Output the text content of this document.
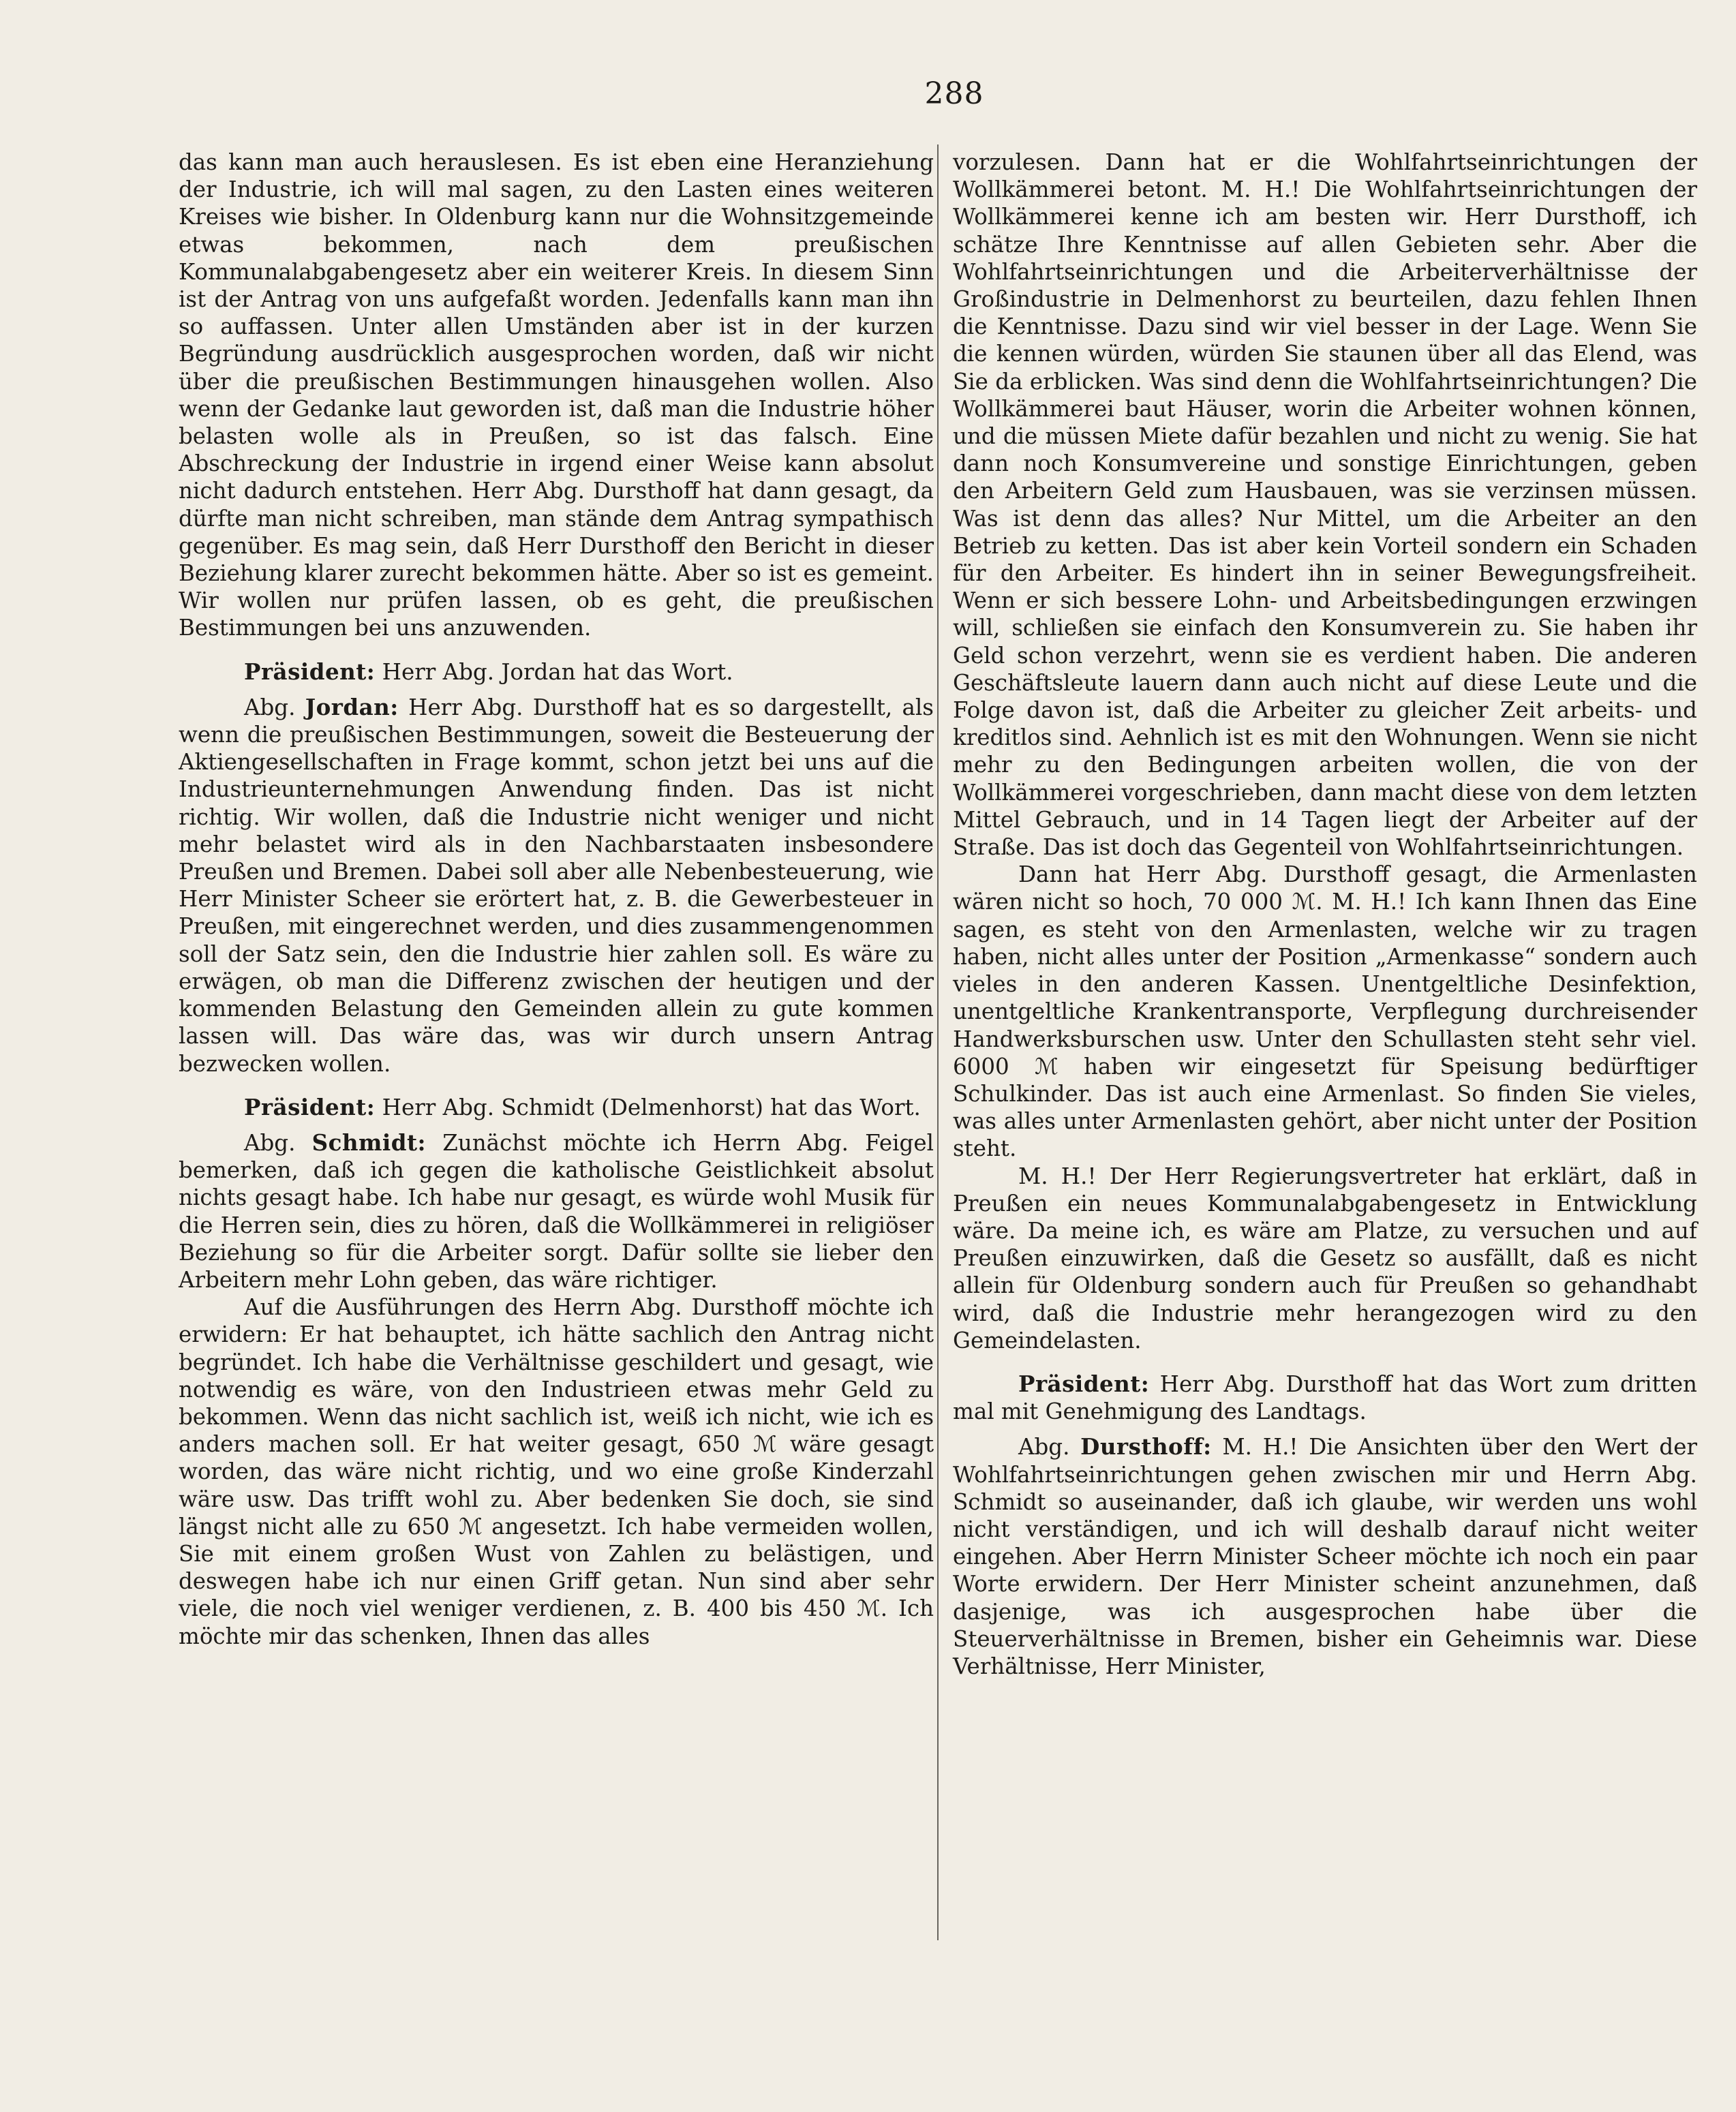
288

das kann man auch herauslesen. Es ist eben eine Heranziehung der Industrie, ich will mal sagen, zu den Lasten eines weiteren Kreises wie bisher. In Oldenburg kann nur die Wohnsitzgemeinde etwas bekommen, nach dem preußischen Kommunalabgabengesetz aber ein weiterer Kreis. In diesem Sinn ist der Antrag von uns aufgefaßt worden. Jedenfalls kann man ihn so auffassen. Unter allen Umständen aber ist in der kurzen Begründung ausdrücklich ausgesprochen worden, daß wir nicht über die preußischen Bestimmungen hinausgehen wollen. Also wenn der Gedanke laut geworden ist, daß man die Industrie höher belasten wolle als in Preußen, so ist das falsch. Eine Abschreckung der Industrie in irgend einer Weise kann absolut nicht dadurch entstehen. Herr Abg. Dursthoff hat dann gesagt, da dürfte man nicht schreiben, man stände dem Antrag sympathisch gegenüber. Es mag sein, daß Herr Dursthoff den Bericht in dieser Beziehung klarer zurecht bekommen hätte. Aber so ist es gemeint. Wir wollen nur prüfen lassen, ob es geht, die preußischen Bestimmungen bei uns anzuwenden.

Präsident: Herr Abg. Jordan hat das Wort.

Abg. Jordan: Herr Abg. Dursthoff hat es so dargestellt, als wenn die preußischen Bestimmungen, soweit die Besteuerung der Aktiengesellschaften in Frage kommt, schon jetzt bei uns auf die Industrieunternehmungen Anwendung finden. Das ist nicht richtig. Wir wollen, daß die Industrie nicht weniger und nicht mehr belastet wird als in den Nachbarstaaten insbesondere Preußen und Bremen. Dabei soll aber alle Nebenbesteuerung, wie Herr Minister Scheer sie erörtert hat, z. B. die Gewerbesteuer in Preußen, mit eingerechnet werden, und dies zusammengenommen soll der Satz sein, den die Industrie hier zahlen soll. Es wäre zu erwägen, ob man die Differenz zwischen der heutigen und der kommenden Belastung den Gemeinden allein zu gute kommen lassen will. Das wäre das, was wir durch unsern Antrag bezwecken wollen.

Präsident: Herr Abg. Schmidt (Delmenhorst) hat das Wort.

Abg. Schmidt: Zunächst möchte ich Herrn Abg. Feigel bemerken, daß ich gegen die katholische Geistlichkeit absolut nichts gesagt habe. Ich habe nur gesagt, es würde wohl Musik für die Herren sein, dies zu hören, daß die Wollkämmerei in religiöser Beziehung so für die Arbeiter sorgt. Dafür sollte sie lieber den Arbeitern mehr Lohn geben, das wäre richtiger.

Auf die Ausführungen des Herrn Abg. Dursthoff möchte ich erwidern: Er hat behauptet, ich hätte sachlich den Antrag nicht begründet. Ich habe die Verhältnisse geschildert und gesagt, wie notwendig es wäre, von den Industrieen etwas mehr Geld zu bekommen. Wenn das nicht sachlich ist, weiß ich nicht, wie ich es anders machen soll. Er hat weiter gesagt, 650 ℳ wäre gesagt worden, das wäre nicht richtig, und wo eine große Kinderzahl wäre usw. Das trifft wohl zu. Aber bedenken Sie doch, sie sind längst nicht alle zu 650 ℳ angesetzt. Ich habe vermeiden wollen, Sie mit einem großen Wust von Zahlen zu belästigen, und deswegen habe ich nur einen Griff getan. Nun sind aber sehr viele, die noch viel weniger verdienen, z. B. 400 bis 450 ℳ. Ich möchte mir das schenken, Ihnen das alles

vorzulesen. Dann hat er die Wohlfahrtseinrichtungen der Wollkämmerei betont. M. H.! Die Wohlfahrtseinrichtungen der Wollkämmerei kenne ich am besten wir. Herr Dursthoff, ich schätze Ihre Kenntnisse auf allen Gebieten sehr. Aber die Wohlfahrtseinrichtungen und die Arbeiterverhältnisse der Großindustrie in Delmenhorst zu beurteilen, dazu fehlen Ihnen die Kenntnisse. Dazu sind wir viel besser in der Lage. Wenn Sie die kennen würden, würden Sie staunen über all das Elend, was Sie da erblicken. Was sind denn die Wohlfahrtseinrichtungen? Die Wollkämmerei baut Häuser, worin die Arbeiter wohnen können, und die müssen Miete dafür bezahlen und nicht zu wenig. Sie hat dann noch Konsumvereine und sonstige Einrichtungen, geben den Arbeitern Geld zum Hausbauen, was sie verzinsen müssen. Was ist denn das alles? Nur Mittel, um die Arbeiter an den Betrieb zu ketten. Das ist aber kein Vorteil sondern ein Schaden für den Arbeiter. Es hindert ihn in seiner Bewegungsfreiheit. Wenn er sich bessere Lohn- und Arbeitsbedingungen erzwingen will, schließen sie einfach den Konsumverein zu. Sie haben ihr Geld schon verzehrt, wenn sie es verdient haben. Die anderen Geschäftsleute lauern dann auch nicht auf diese Leute und die Folge davon ist, daß die Arbeiter zu gleicher Zeit arbeits- und kreditlos sind. Aehnlich ist es mit den Wohnungen. Wenn sie nicht mehr zu den Bedingungen arbeiten wollen, die von der Wollkämmerei vorgeschrieben, dann macht diese von dem letzten Mittel Gebrauch, und in 14 Tagen liegt der Arbeiter auf der Straße. Das ist doch das Gegenteil von Wohlfahrtseinrichtungen.

Dann hat Herr Abg. Dursthoff gesagt, die Armenlasten wären nicht so hoch, 70 000 ℳ. M. H.! Ich kann Ihnen das Eine sagen, es steht von den Armenlasten, welche wir zu tragen haben, nicht alles unter der Position „Armenkasse“ sondern auch vieles in den anderen Kassen. Unentgeltliche Desinfektion, unentgeltliche Krankentransporte, Verpflegung durchreisender Handwerksburschen usw. Unter den Schullasten steht sehr viel. 6000 ℳ haben wir eingesetzt für Speisung bedürftiger Schulkinder. Das ist auch eine Armenlast. So finden Sie vieles, was alles unter Armenlasten gehört, aber nicht unter der Position steht.

M. H.! Der Herr Regierungsvertreter hat erklärt, daß in Preußen ein neues Kommunalabgabengesetz in Entwicklung wäre. Da meine ich, es wäre am Platze, zu versuchen und auf Preußen einzuwirken, daß die Gesetz so ausfällt, daß es nicht allein für Oldenburg sondern auch für Preußen so gehandhabt wird, daß die Industrie mehr herangezogen wird zu den Gemeindelasten.

Präsident: Herr Abg. Dursthoff hat das Wort zum dritten mal mit Genehmigung des Landtags.

Abg. Dursthoff: M. H.! Die Ansichten über den Wert der Wohlfahrtseinrichtungen gehen zwischen mir und Herrn Abg. Schmidt so auseinander, daß ich glaube, wir werden uns wohl nicht verständigen, und ich will deshalb darauf nicht weiter eingehen. Aber Herrn Minister Scheer möchte ich noch ein paar Worte erwidern. Der Herr Minister scheint anzunehmen, daß dasjenige, was ich ausgesprochen habe über die Steuerverhältnisse in Bremen, bisher ein Geheimnis war. Diese Verhältnisse, Herr Minister,
